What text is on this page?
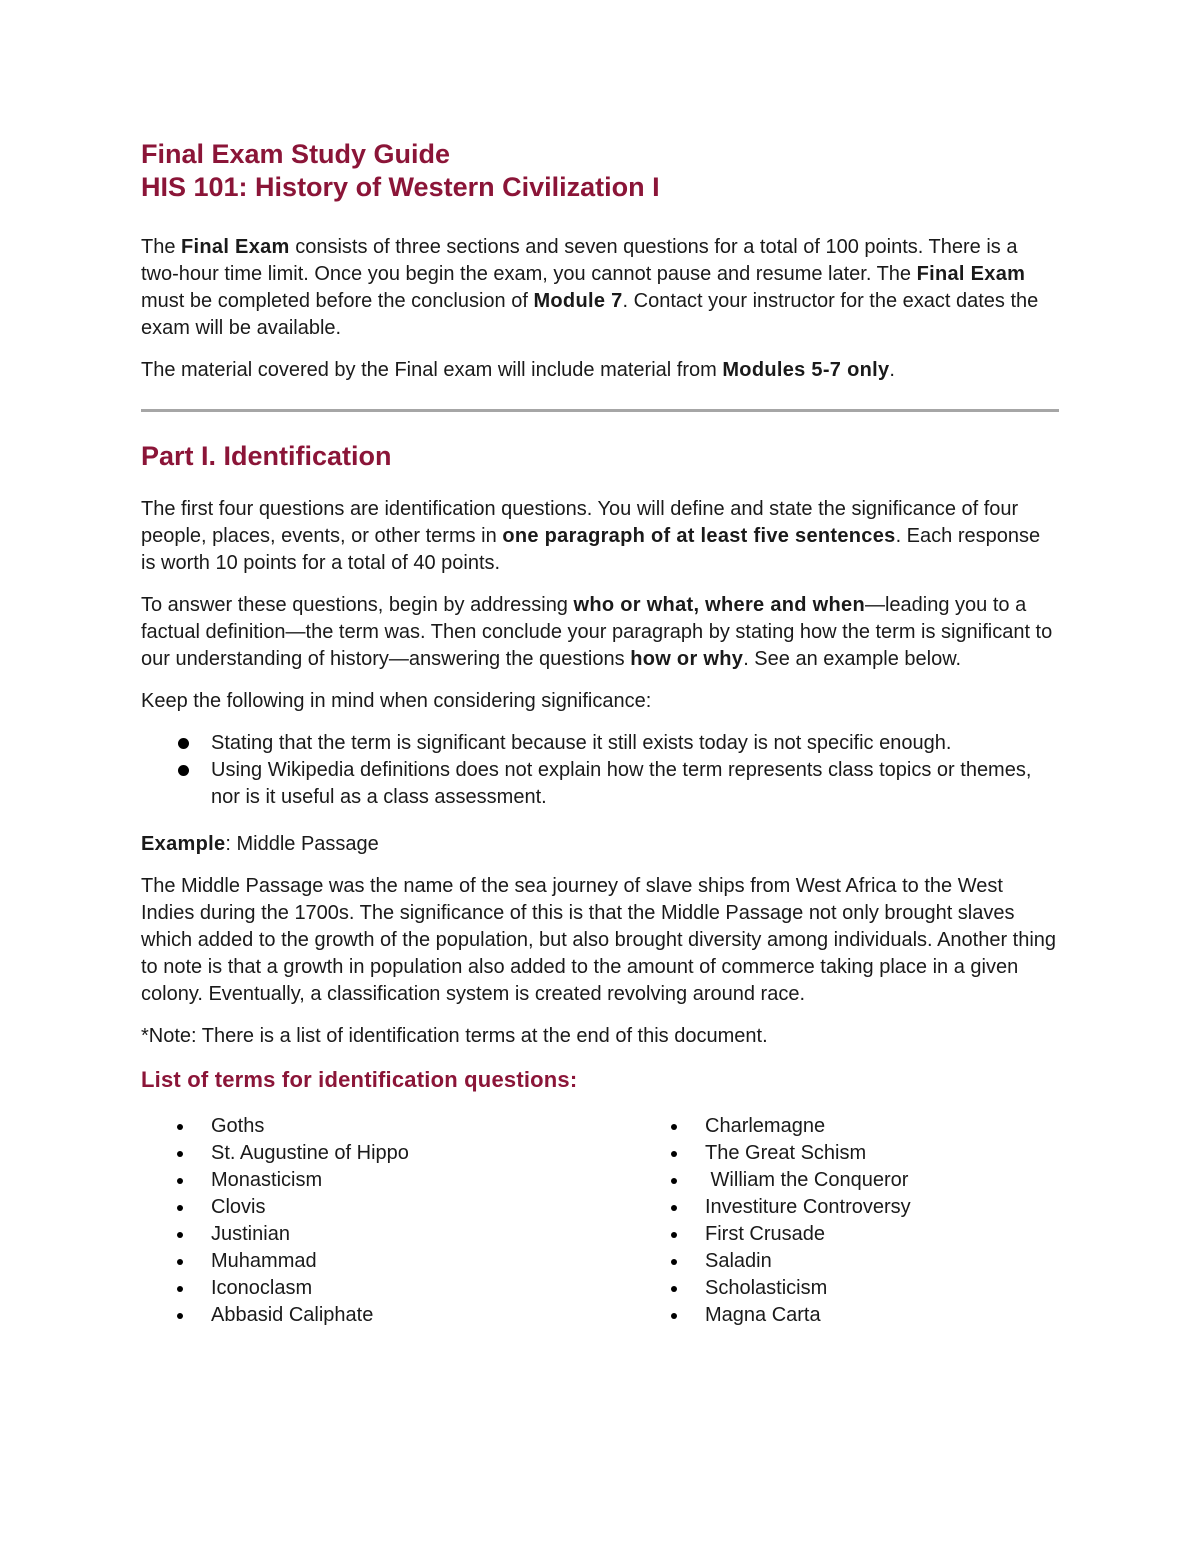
Final Exam Study Guide
HIS 101: History of Western Civilization I

The Final Exam consists of three sections and seven questions for a total of 100 points. There is a two-hour time limit. Once you begin the exam, you cannot pause and resume later. The Final Exam must be completed before the conclusion of Module 7. Contact your instructor for the exact dates the exam will be available.

The material covered by the Final exam will include material from Modules 5-7 only.

Part I. Identification

The first four questions are identification questions. You will define and state the significance of four people, places, events, or other terms in one paragraph of at least five sentences. Each response is worth 10 points for a total of 40 points.

To answer these questions, begin by addressing who or what, where and when—leading you to a factual definition—the term was. Then conclude your paragraph by stating how the term is significant to our understanding of history—answering the questions how or why. See an example below.

Keep the following in mind when considering significance:

Stating that the term is significant because it still exists today is not specific enough.
Using Wikipedia definitions does not explain how the term represents class topics or themes, nor is it useful as a class assessment.

Example: Middle Passage

The Middle Passage was the name of the sea journey of slave ships from West Africa to the West Indies during the 1700s. The significance of this is that the Middle Passage not only brought slaves which added to the growth of the population, but also brought diversity among individuals. Another thing to note is that a growth in population also added to the amount of commerce taking place in a given colony. Eventually, a classification system is created revolving around race.

*Note: There is a list of identification terms at the end of this document.

List of terms for identification questions:
Goths
St. Augustine of Hippo
Monasticism
Clovis
Justinian
Muhammad
Iconoclasm
Abbasid Caliphate
Charlemagne
The Great Schism
William the Conqueror
Investiture Controversy
First Crusade
Saladin
Scholasticism
Magna Carta
